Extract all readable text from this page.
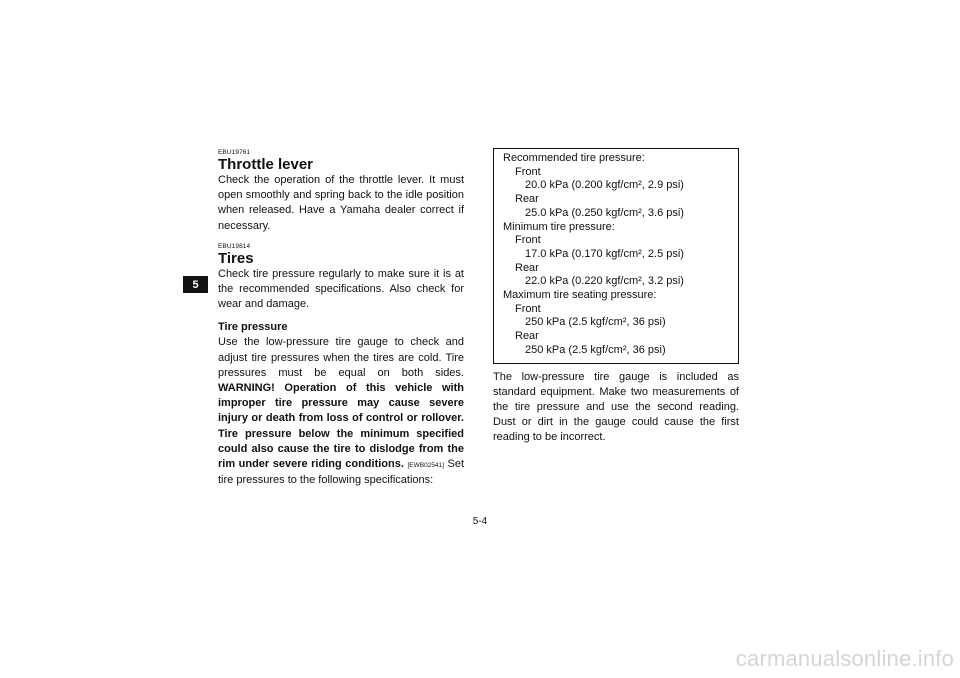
5
EBU19761
Throttle lever

Check the operation of the throttle lever. It must open smoothly and spring back to the idle position when released. Have a Yamaha dealer correct if necessary.

EBU19814
Tires

Check tire pressure regularly to make sure it is at the recommended specifications. Also check for wear and damage.

Tire pressure

Use the low-pressure tire gauge to check and adjust tire pressures when the tires are cold. Tire pressures must be equal on both sides. WARNING! Operation of this vehicle with improper tire pressure may cause severe injury or death from loss of control or rollover. Tire pressure below the minimum specified could also cause the tire to dislodge from the rim under severe riding conditions. [EWB02541] Set tire pressures to the following specifications:

Recommended tire pressure:
Front
20.0 kPa (0.200 kgf/cm², 2.9 psi)
Rear
25.0 kPa (0.250 kgf/cm², 3.6 psi)
Minimum tire pressure:
Front
17.0 kPa (0.170 kgf/cm², 2.5 psi)
Rear
22.0 kPa (0.220 kgf/cm², 3.2 psi)
Maximum tire seating pressure:
Front
250 kPa (2.5 kgf/cm², 36 psi)
Rear
250 kPa (2.5 kgf/cm², 36 psi)

The low-pressure tire gauge is included as standard equipment. Make two measurements of the tire pressure and use the second reading. Dust or dirt in the gauge could cause the first reading to be incorrect.

5-4
carmanualsonline.info
